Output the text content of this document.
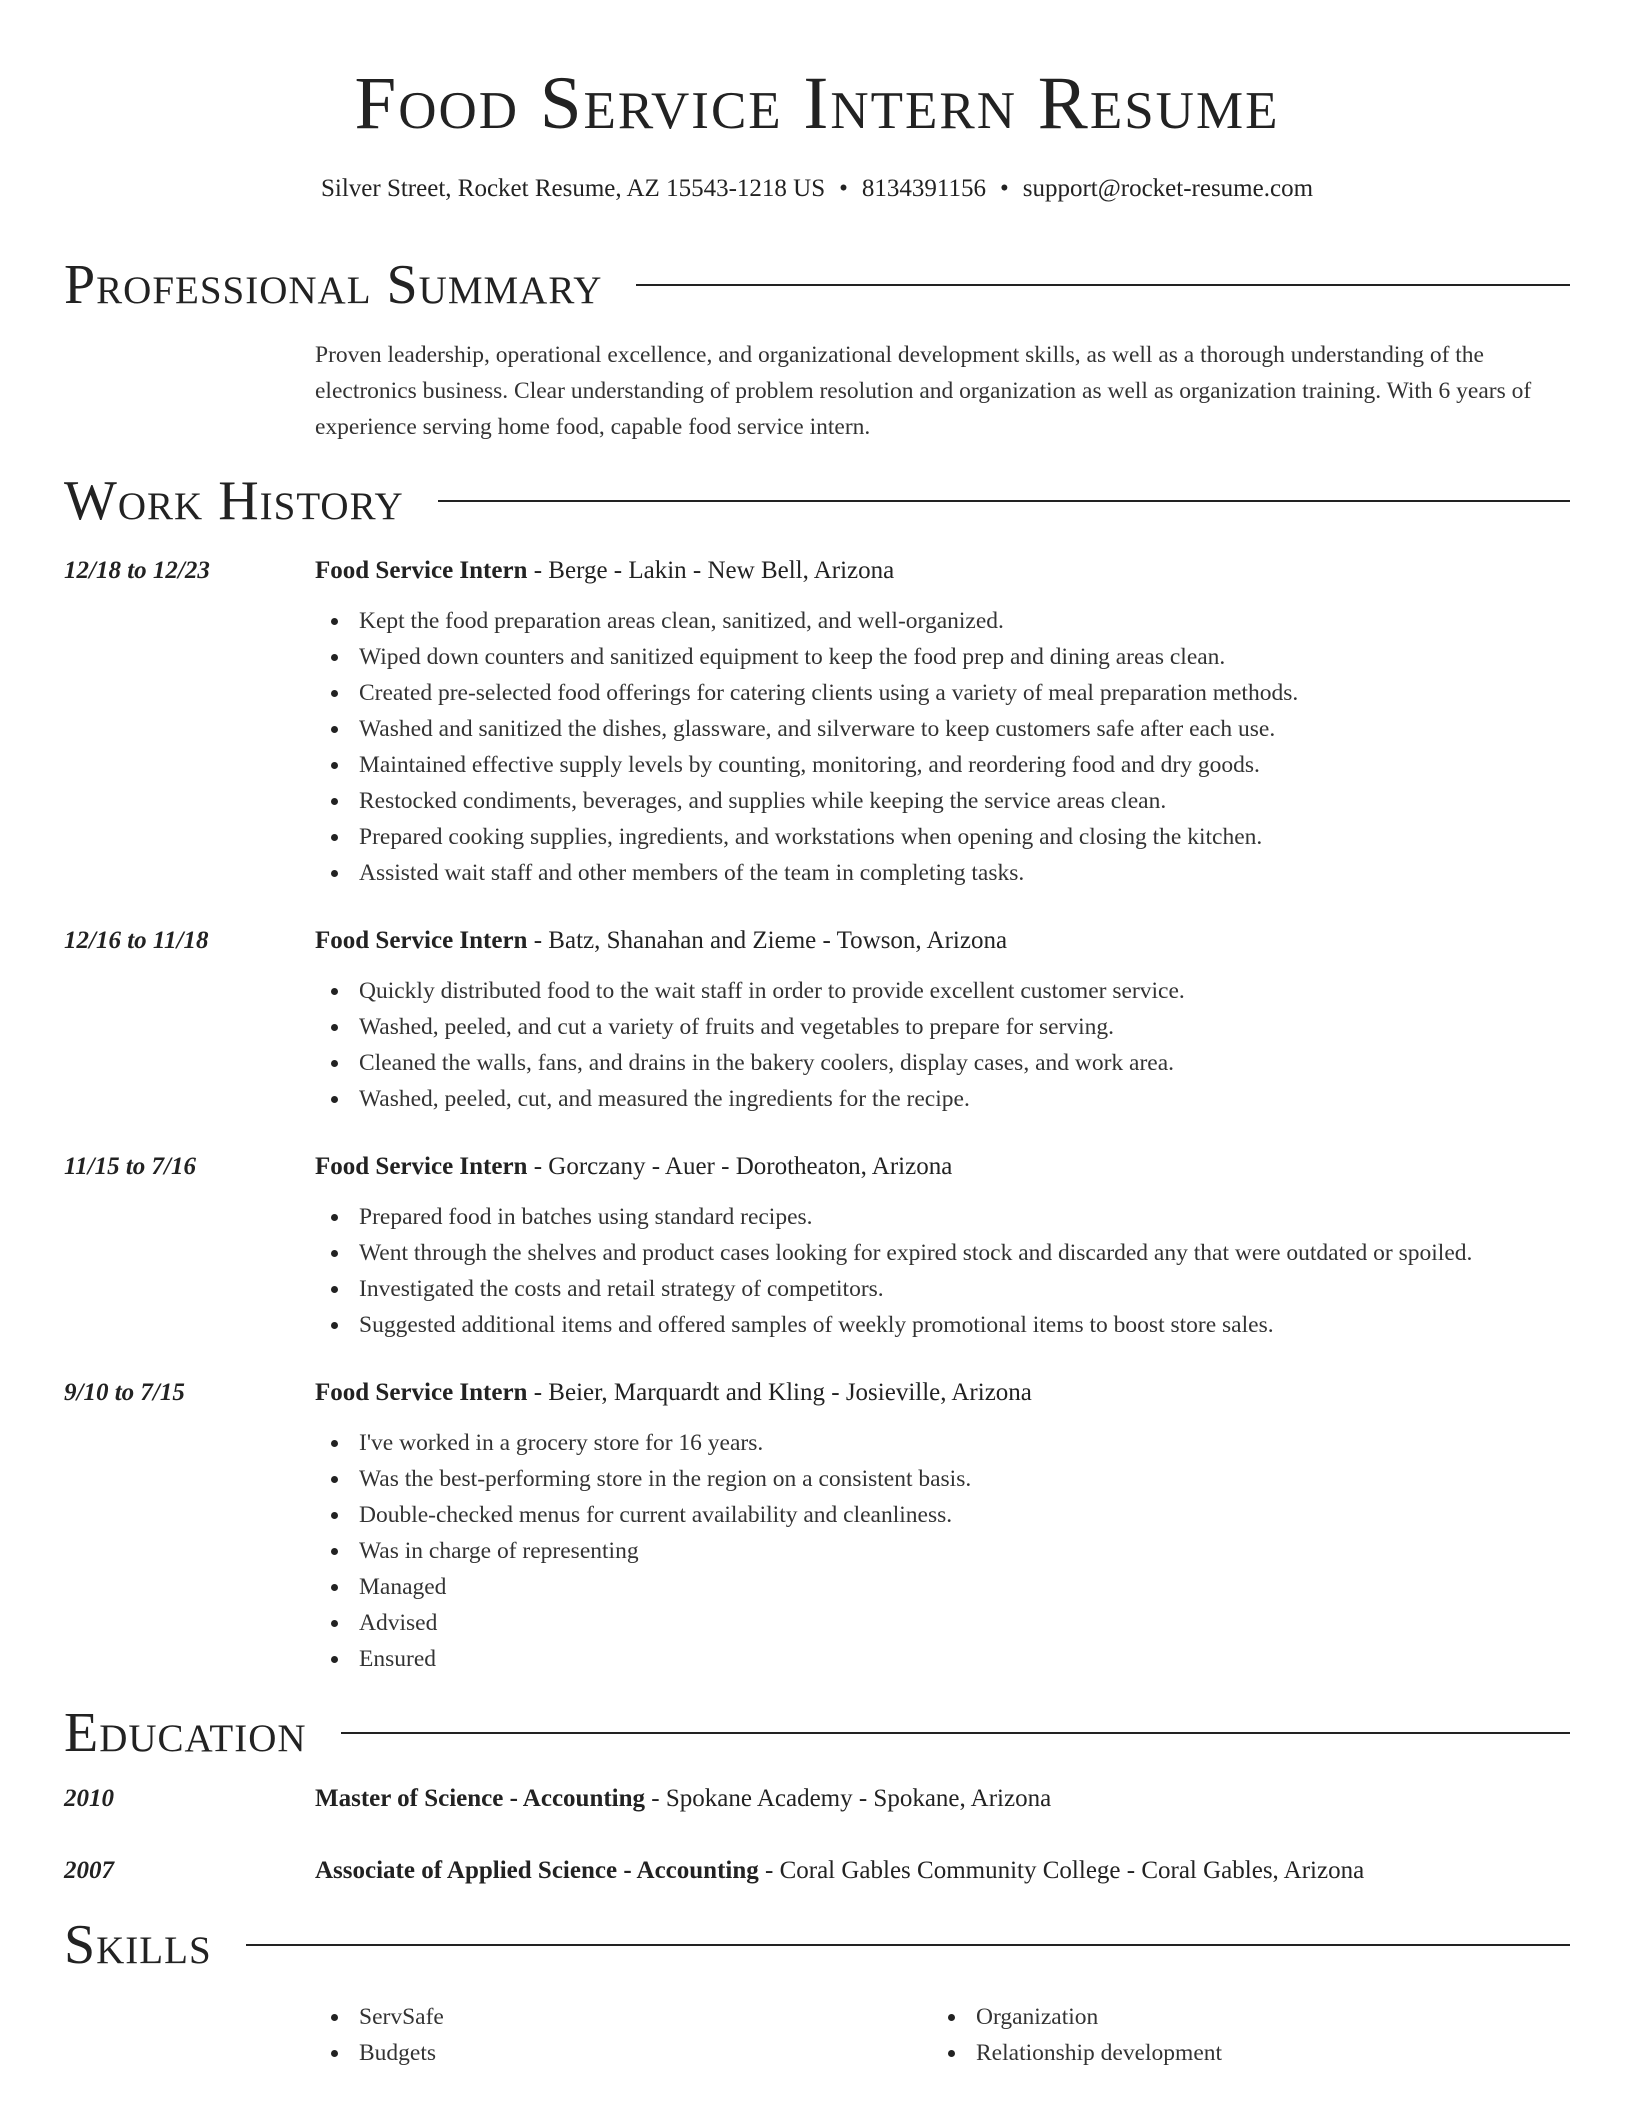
Food Service Intern Resume
Silver Street, Rocket Resume, AZ 15543-1218 US • 8134391156 • support@rocket-resume.com
Professional Summary

Proven leadership, operational excellence, and organizational development skills, as well as a thorough understanding of the electronics business. Clear understanding of problem resolution and organization as well as organization training. With 6 years of experience serving home food, capable food service intern.

Work History
12/18 to 12/23	Food Service Intern - Berge - Lakin - New Bell, Arizona
Kept the food preparation areas clean, sanitized, and well-organized.
Wiped down counters and sanitized equipment to keep the food prep and dining areas clean.
Created pre-selected food offerings for catering clients using a variety of meal preparation methods.
Washed and sanitized the dishes, glassware, and silverware to keep customers safe after each use.
Maintained effective supply levels by counting, monitoring, and reordering food and dry goods.
Restocked condiments, beverages, and supplies while keeping the service areas clean.
Prepared cooking supplies, ingredients, and workstations when opening and closing the kitchen.
Assisted wait staff and other members of the team in completing tasks.
12/16 to 11/18	Food Service Intern - Batz, Shanahan and Zieme - Towson, Arizona
Quickly distributed food to the wait staff in order to provide excellent customer service.
Washed, peeled, and cut a variety of fruits and vegetables to prepare for serving.
Cleaned the walls, fans, and drains in the bakery coolers, display cases, and work area.
Washed, peeled, cut, and measured the ingredients for the recipe.
11/15 to 7/16	Food Service Intern - Gorczany - Auer - Dorotheaton, Arizona
Prepared food in batches using standard recipes.
Went through the shelves and product cases looking for expired stock and discarded any that were outdated or spoiled.
Investigated the costs and retail strategy of competitors.
Suggested additional items and offered samples of weekly promotional items to boost store sales.
9/10 to 7/15	Food Service Intern - Beier, Marquardt and Kling - Josieville, Arizona
I've worked in a grocery store for 16 years.
Was the best-performing store in the region on a consistent basis.
Double-checked menus for current availability and cleanliness.
Was in charge of representing
Managed
Advised
Ensured
Education
2010	Master of Science - Accounting - Spokane Academy - Spokane, Arizona
2007	Associate of Applied Science - Accounting - Coral Gables Community College - Coral Gables, Arizona
Skills
ServSafe
Budgets
Organization
Relationship development
